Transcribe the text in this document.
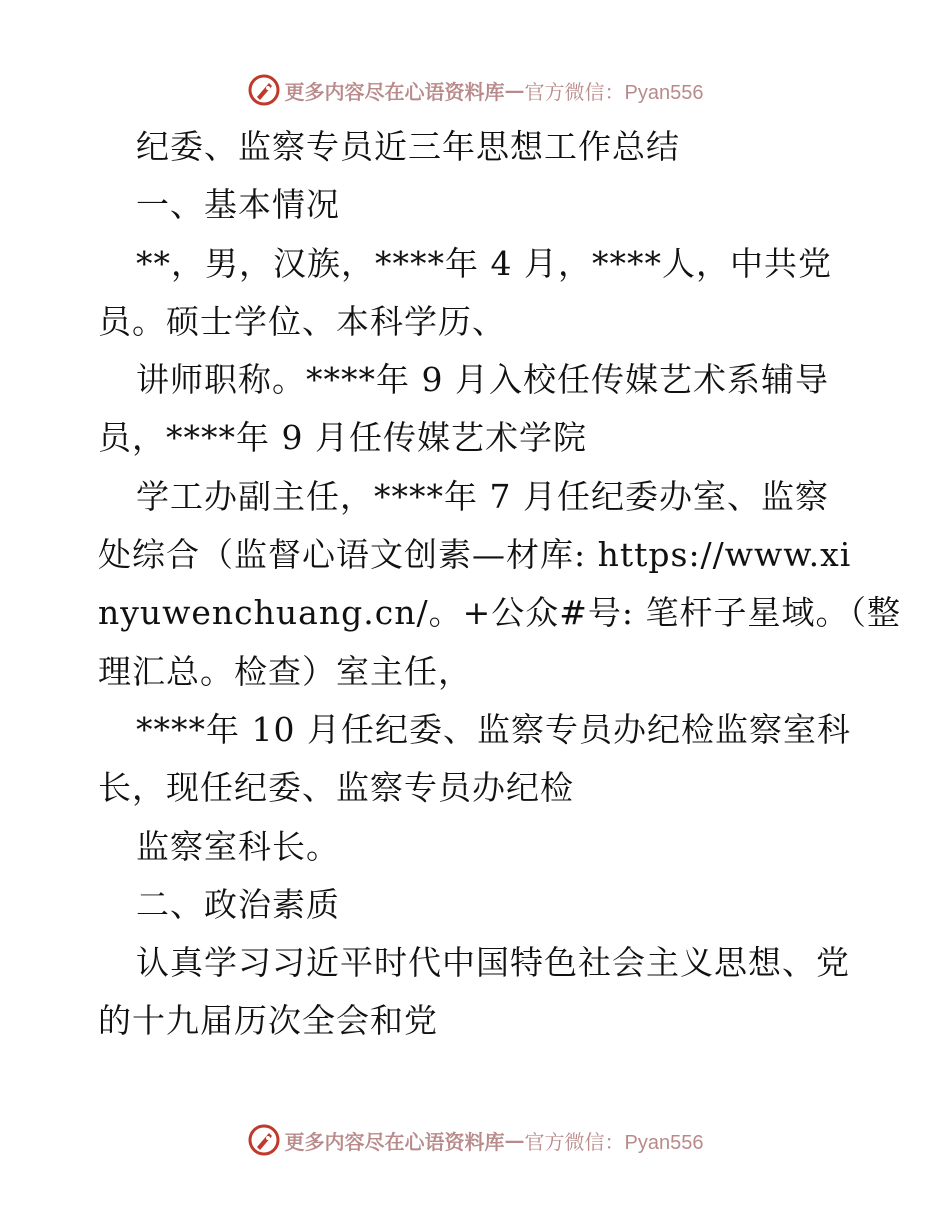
更多内容尽在心语资料库 — 官方微信：Pyan556
纪委、监察专员近三年思想工作总结
一、基本情况
**，男，汉族，****年 4 月，****人，中共党
员。硕士学位、本科学历、
讲师职称。****年 9 月入校任传媒艺术系辅导
员，****年 9 月任传媒艺术学院
学工办副主任，****年 7 月任纪委办室、监察
处综合（监督心语文创素—材库: https://www.xi
nyuwenchuang.cn/。+公众#号: 笔杆子星域。（整
理汇总。检查）室主任，
****年 10 月任纪委、监察专员办纪检监察室科
长，现任纪委、监察专员办纪检
监察室科长。
二、政治素质
认真学习习近平时代中国特色社会主义思想、党
的十九届历次全会和党
更多内容尽在心语资料库 — 官方微信：Pyan556
